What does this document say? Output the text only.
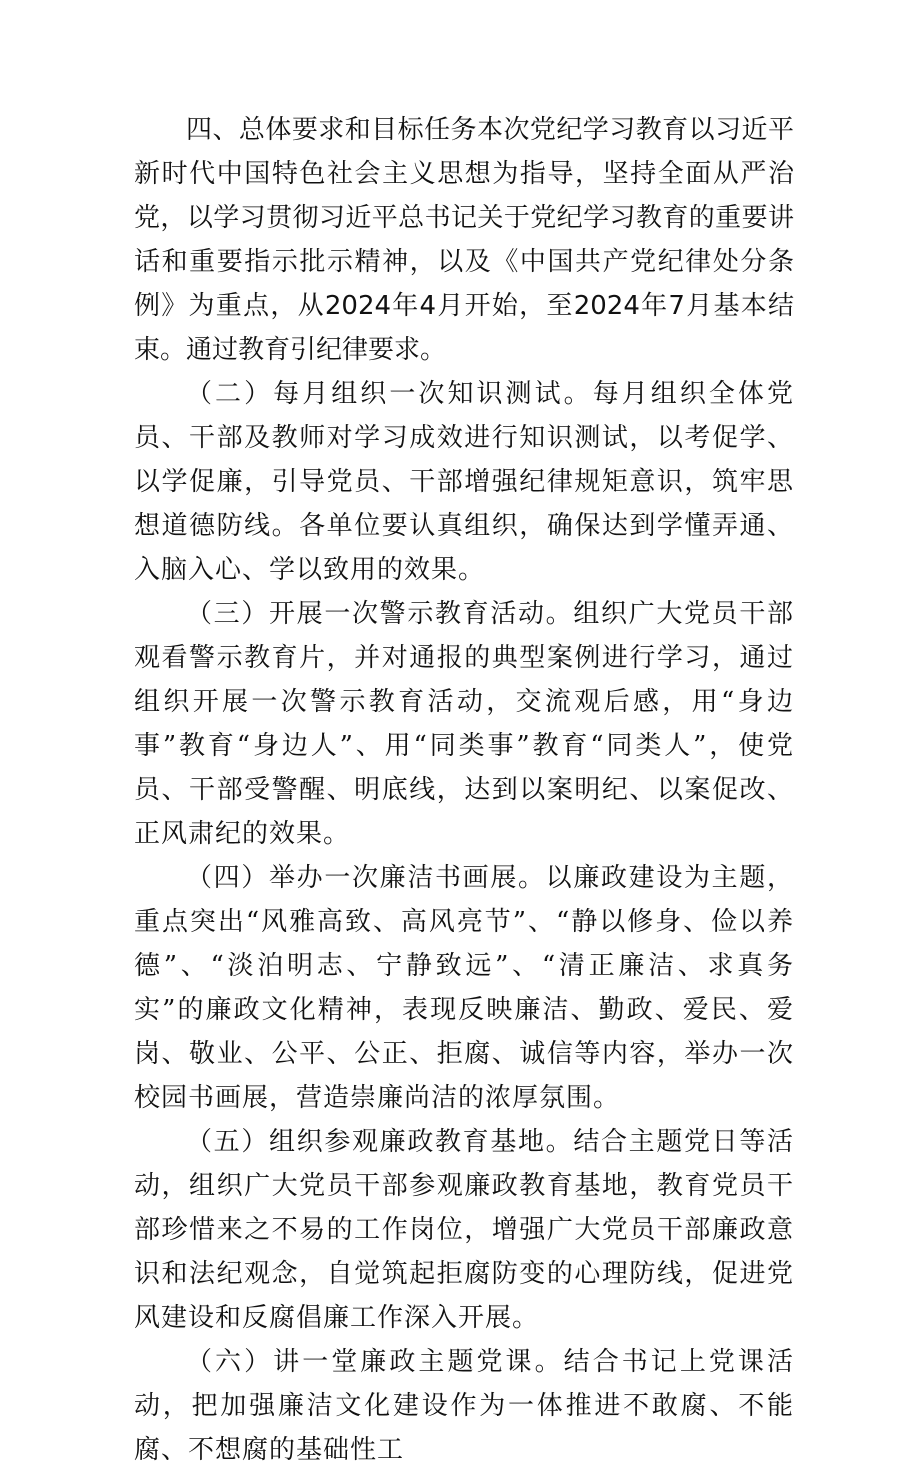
四、总体要求和目标任务本次党纪学习教育以习近平新时代中国特色社会主义思想为指导，坚持全面从严治党，以学习贯彻习近平总书记关于党纪学习教育的重要讲话和重要指示批示精神，以及《中国共产党纪律处分条例》为重点，从2024年4月开始，至2024年7月基本结束。通过教育引纪律要求。

（二）每月组织一次知识测试。每月组织全体党员、干部及教师对学习成效进行知识测试，以考促学、以学促廉，引导党员、干部增强纪律规矩意识，筑牢思想道德防线。各单位要认真组织，确保达到学懂弄通、入脑入心、学以致用的效果。

（三）开展一次警示教育活动。组织广大党员干部观看警示教育片，并对通报的典型案例进行学习，通过组织开展一次警示教育活动，交流观后感，用“身边事”教育“身边人”、用“同类事”教育“同类人”，使党员、干部受警醒、明底线，达到以案明纪、以案促改、正风肃纪的效果。

（四）举办一次廉洁书画展。以廉政建设为主题，重点突出“风雅高致、高风亮节”、“静以修身、俭以养德”、“淡泊明志、宁静致远”、“清正廉洁、求真务实”的廉政文化精神，表现反映廉洁、勤政、爱民、爱岗、敬业、公平、公正、拒腐、诚信等内容，举办一次校园书画展，营造崇廉尚洁的浓厚氛围。

（五）组织参观廉政教育基地。结合主题党日等活动，组织广大党员干部参观廉政教育基地，教育党员干部珍惜来之不易的工作岗位，增强广大党员干部廉政意识和法纪观念，自觉筑起拒腐防变的心理防线，促进党风建设和反腐倡廉工作深入开展。

（六）讲一堂廉政主题党课。结合书记上党课活动，把加强廉洁文化建设作为一体推进不敢腐、不能腐、不想腐的基础性工
